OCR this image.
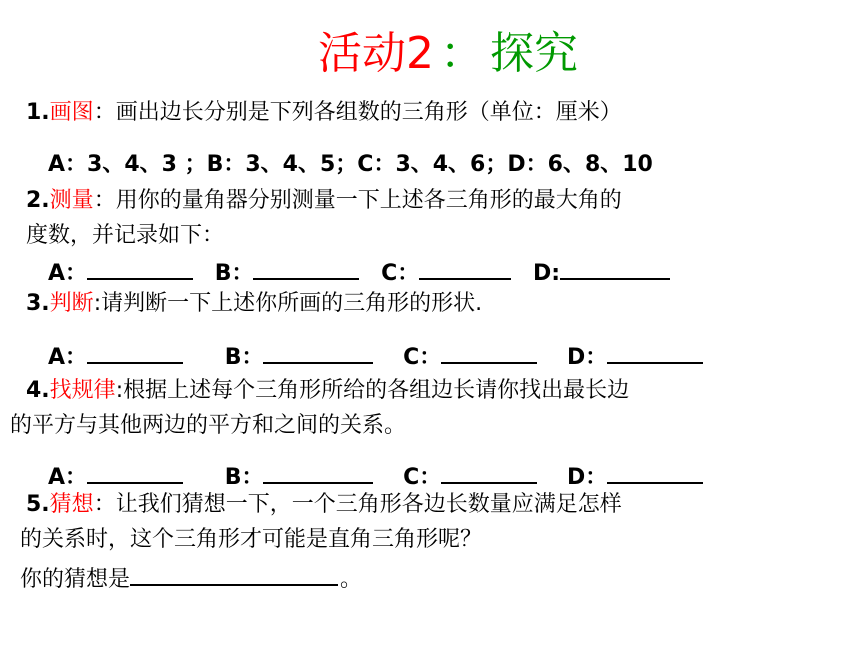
活动2 ： 探究
1.画图：画出边长分别是下列各组数的三角形（单位：厘米）
A：3、4、3 ；B：3、4、5；C：3、4、6；D：6、8、10
2.测量：用你的量角器分别测量一下上述各三角形的最大角的
度数，并记录如下：
A：	B：	C：	D:
3.判断:请判断一下上述你所画的三角形的形状.
A：	B：	C：	D：
4.找规律:根据上述每个三角形所给的各组边长请你找出最长边
的平方与其他两边的平方和之间的关系。
A：	B：	C：	D：
5.猜想：让我们猜想一下，一个三角形各边长数量应满足怎样
的关系时，这个三角形才可能是直角三角形呢？
你的猜想是	。
